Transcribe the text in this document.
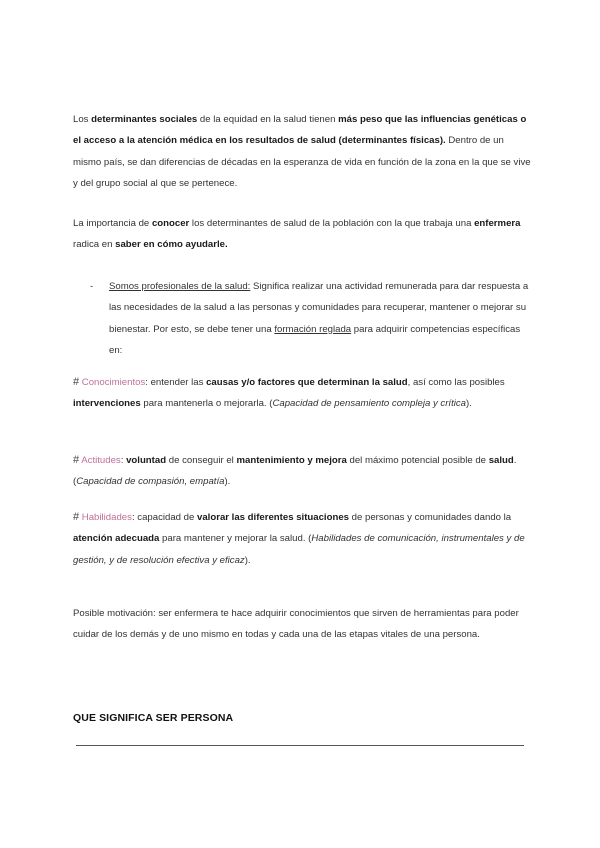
Los determinantes sociales de la equidad en la salud tienen más peso que las influencias genéticas o el acceso a la atención médica en los resultados de salud (determinantes físicas). Dentro de un mismo país, se dan diferencias de décadas en la esperanza de vida en función de la zona en la que se vive y del grupo social al que se pertenece.

La importancia de conocer los determinantes de salud de la población con la que trabaja una enfermera radica en saber en cómo ayudarle.

- Somos profesionales de la salud: Significa realizar una actividad remunerada para dar respuesta a las necesidades de la salud a las personas y comunidades para recuperar, mantener o mejorar su bienestar. Por esto, se debe tener una formación reglada para adquirir competencias específicas en:

# Conocimientos: entender las causas y/o factores que determinan la salud, así como las posibles intervenciones para mantenerla o mejorarla. (Capacidad de pensamiento compleja y crítica).

# Actitudes: voluntad de conseguir el mantenimiento y mejora del máximo potencial posible de salud. (Capacidad de compasión, empatía).

# Habilidades: capacidad de valorar las diferentes situaciones de personas y comunidades dando la atención adecuada para mantener y mejorar la salud. (Habilidades de comunicación, instrumentales y de gestión, y de resolución efectiva y eficaz).

Posible motivación: ser enfermera te hace adquirir conocimientos que sirven de herramientas para poder cuidar de los demás y de uno mismo en todas y cada una de las etapas vitales de una persona.

QUE SIGNIFICA SER PERSONA
